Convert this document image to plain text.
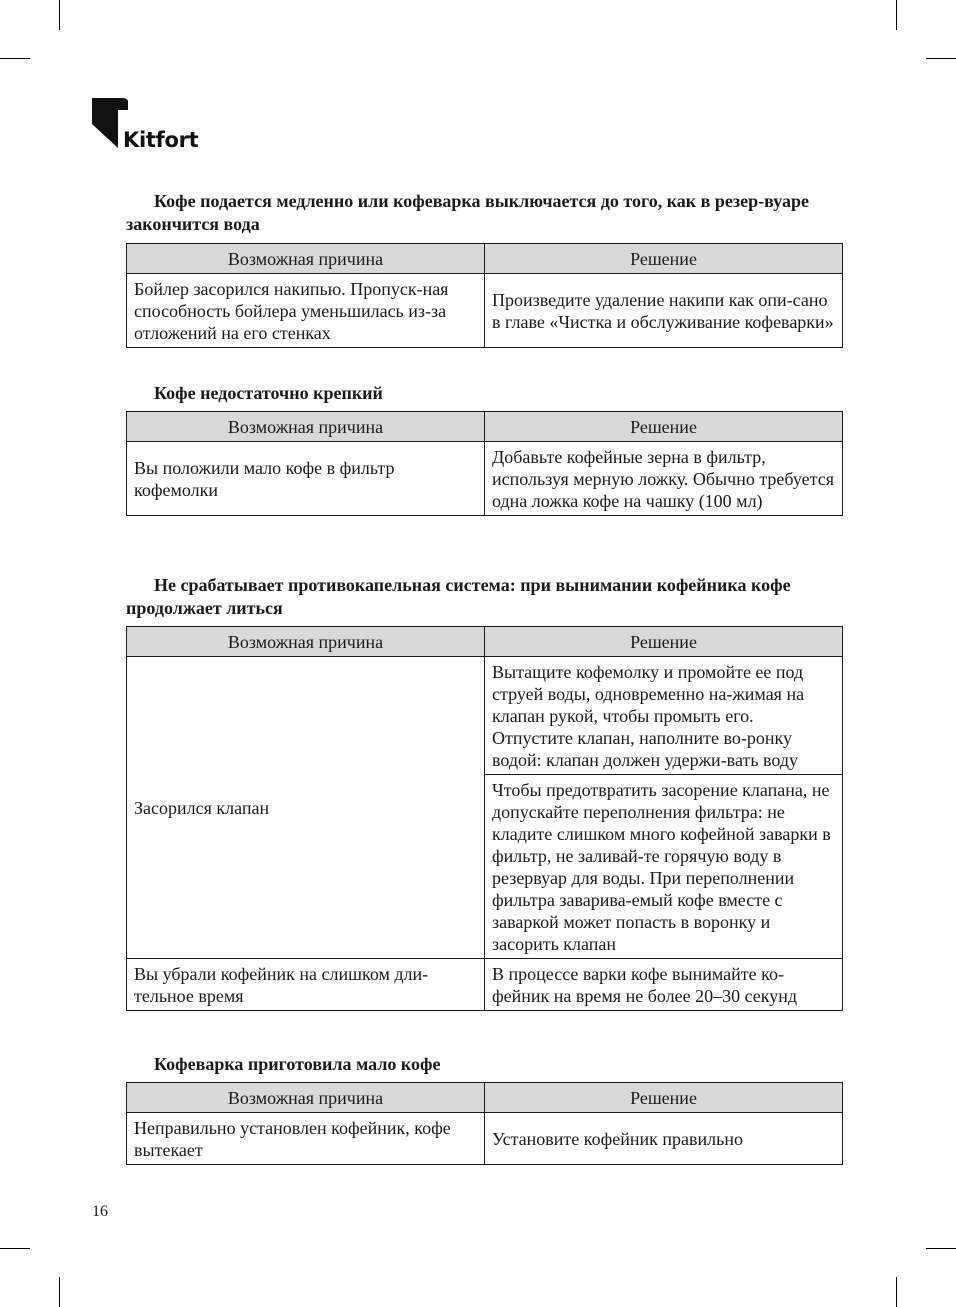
Kitfort

Кофе подается медленно или кофеварка выключается до того, как в резер-вуаре закончится вода

Возможная причина	Решение
Бойлер засорился накипью. Пропуск-ная способность бойлера уменьшилась из-за отложений на его стенках	Произведите удаление накипи как опи-сано в главе «Чистка и обслуживание кофеварки»

Кофе недостаточно крепкий

Возможная причина	Решение
Вы положили мало кофе в фильтр кофемолки	Добавьте кофейные зерна в фильтр, используя мерную ложку. Обычно требуется одна ложка кофе на чашку (100 мл)

Не срабатывает противокапельная система: при вынимании кофейника кофе продолжает литься

Возможная причина	Решение
Засорился клапан	Вытащите кофемолку и промойте ее под струей воды, одновременно на-жимая на клапан рукой, чтобы промыть его. Отпустите клапан, наполните во-ронку водой: клапан должен удержи-вать воду
	Чтобы предотвратить засорение клапана, не допускайте переполнения фильтра: не кладите слишком много кофейной заварки в фильтр, не заливай-те горячую воду в резервуар для воды. При переполнении фильтра заварива-емый кофе вместе с заваркой может попасть в воронку и засорить клапан
Вы убрали кофейник на слишком дли-тельное время	В процессе варки кофе вынимайте ко-фейник на время не более 20–30 секунд

Кофеварка приготовила мало кофе

Возможная причина	Решение
Неправильно установлен кофейник, кофе вытекает	Установите кофейник правильно
16
